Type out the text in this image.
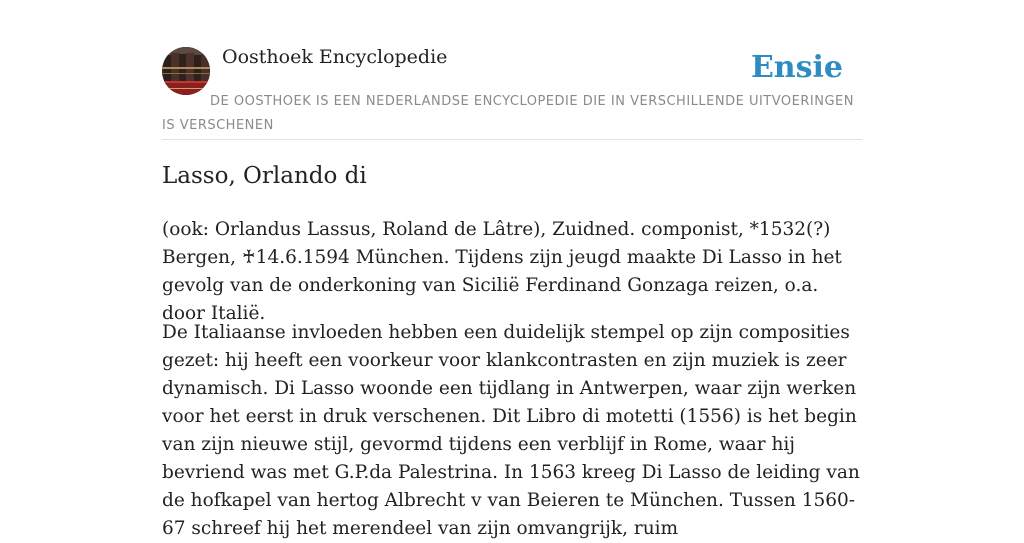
Oosthoek Encyclopedie	Ensie
DE OOSTHOEK IS EEN NEDERLANDSE ENCYCLOPEDIE DIE IN VERSCHILLENDE UITVOERINGEN IS VERSCHENEN
Lasso, Orlando di

(ook: Orlandus Lassus, Roland de Lâtre), Zuidned. componist, *1532(?) Bergen, ♰14.6.1594 München. Tijdens zijn jeugd maakte Di Lasso in het gevolg van de onderkoning van Sicilië Ferdinand Gonzaga reizen, o.a. door Italië.

De Italiaanse invloeden hebben een duidelijk stempel op zijn composities gezet: hij heeft een voorkeur voor klankcontrasten en zijn muziek is zeer dynamisch. Di Lasso woonde een tijdlang in Antwerpen, waar zijn werken voor het eerst in druk verschenen. Dit Libro di motetti (1556) is het begin van zijn nieuwe stijl, gevormd tijdens een verblijf in Rome, waar hij bevriend was met G.P.da Palestrina. In 1563 kreeg Di Lasso de leiding van de hofkapel van hertog Albrecht v van Beieren te München. Tussen 1560-67 schreef hij het merendeel van zijn omvangrijk, ruim
